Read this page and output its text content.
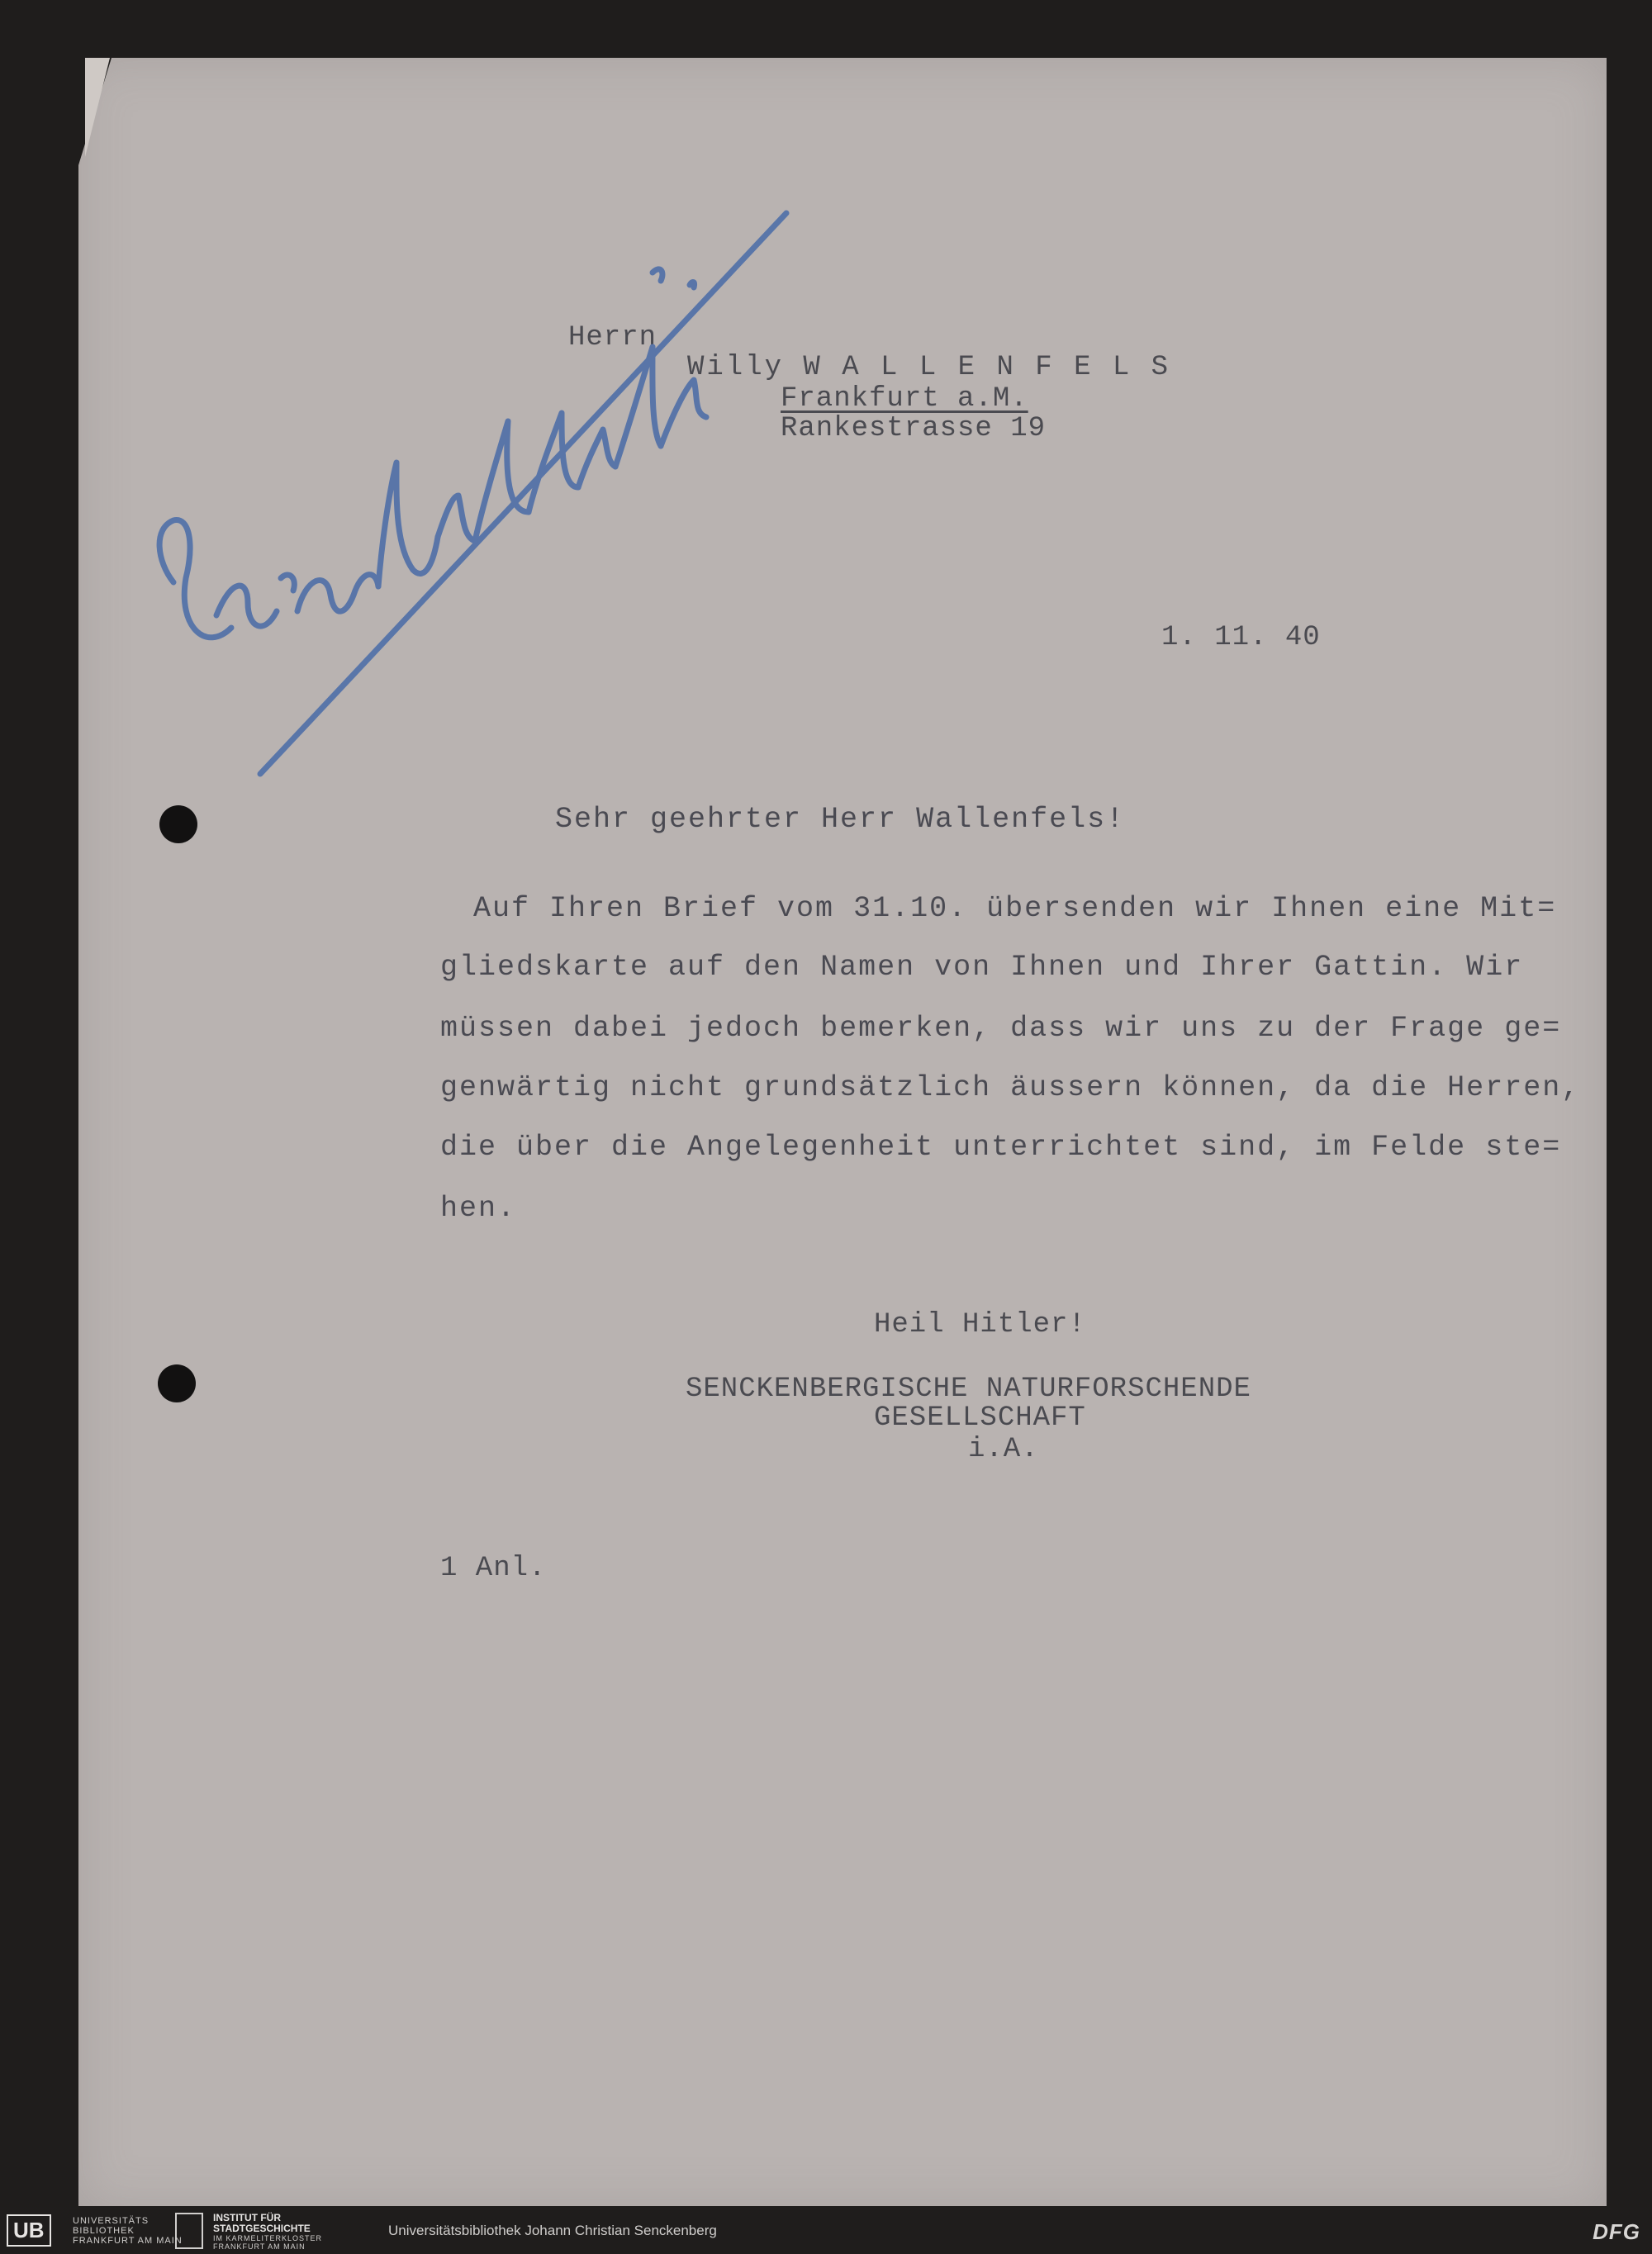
Herrn
Willy W A L L E N F E L S
Frankfurt a.M.
Rankestrasse 19
1. 11. 40
Sehr geehrter Herr Wallenfels!
Auf Ihren Brief vom 31.10. übersenden wir Ihnen eine Mit=
gliedskarte auf den Namen von Ihnen und Ihrer Gattin. Wir
müssen dabei jedoch bemerken, dass wir uns zu der Frage ge=
genwärtig nicht grundsätzlich äussern können, da die Herren,
die über die Angelegenheit unterrichtet sind, im Felde ste=
hen.
Heil Hitler!
SENCKENBERGISCHE NATURFORSCHENDE
GESELLSCHAFT
i.A.
1 Anl.
UB	UNIVERSITÄTS
BIBLIOTHEK
FRANKFURT AM MAIN
INSTITUT FÜR
STADTGESCHICHTE
IM KARMELITERKLOSTER
FRANKFURT AM MAIN
Universitätsbibliothek Johann Christian Senckenberg	DFG
